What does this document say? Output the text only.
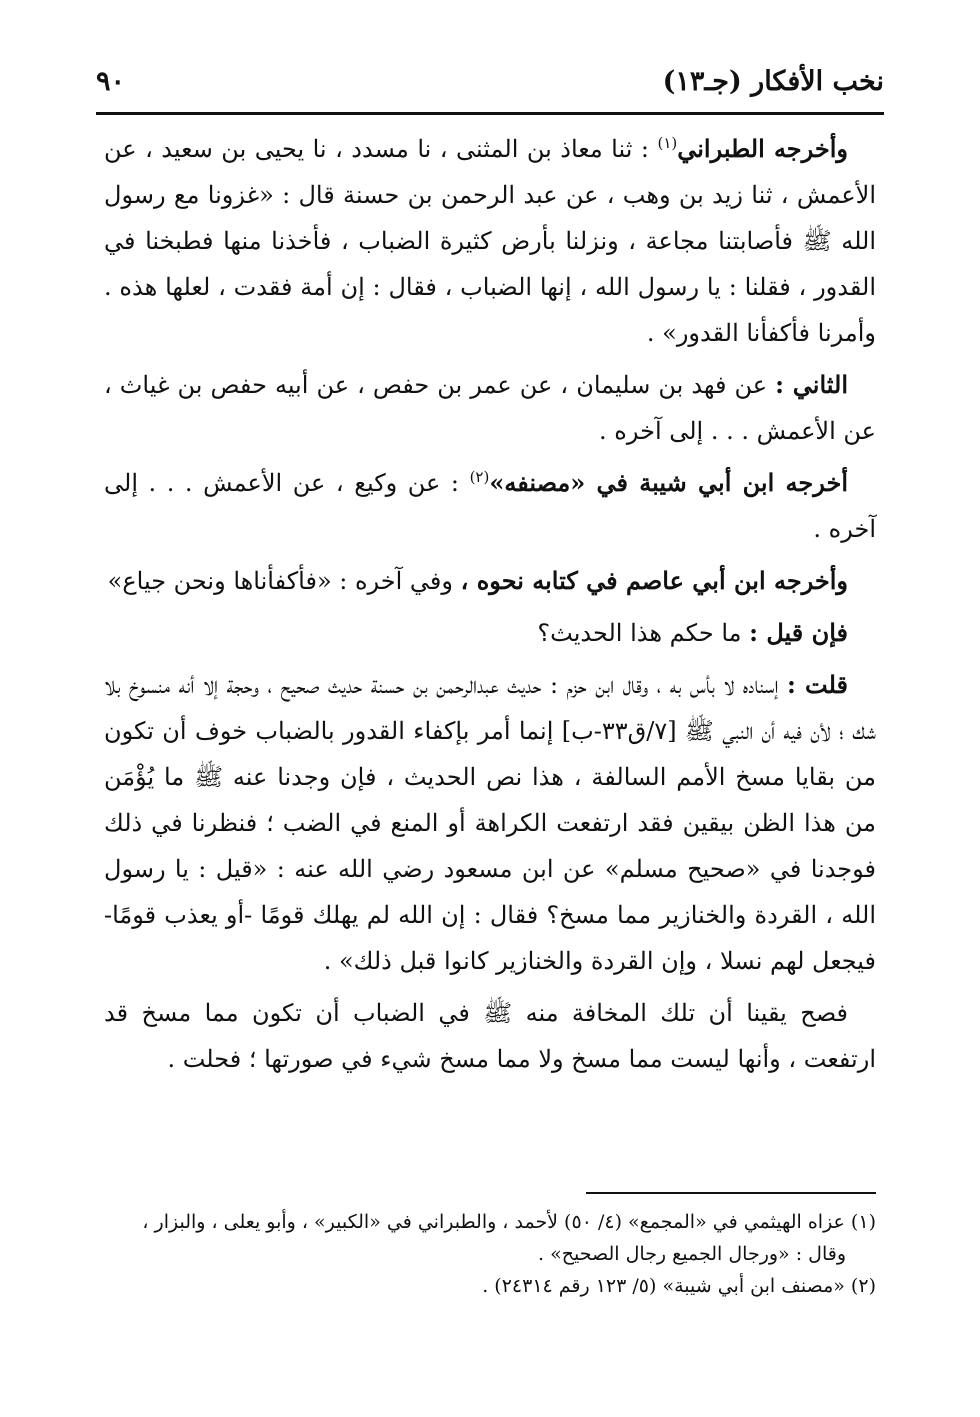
نخب الأفكار (جـ١٣)
٩٠

وأخرجه الطبراني$^{(١)}$ : ثنا معاذ بن المثنى ، نا مسدد ، نا يحيى بن سعيد ، عن الأعمش ، ثنا زيد بن وهب ، عن عبد الرحمن بن حسنة قال : «غزونا مع رسول الله ﷺ فأصابتنا مجاعة ، ونزلنا بأرض كثيرة الضباب ، فأخذنا منها فطبخنا في القدور ، فقلنا : يا رسول الله ، إنها الضباب ، فقال : إن أمة فقدت ، لعلها هذه . وأمرنا فأكفأنا القدور» .

الثاني : عن فهد بن سليمان ، عن عمر بن حفص ، عن أبيه حفص بن غياث ، عن الأعمش . . . إلى آخره .

أخرجه ابن أبي شيبة في «مصنفه»$^{(٢)}$ : عن وكيع ، عن الأعمش . . . إلى آخره .

وأخرجه ابن أبي عاصم في كتابه نحوه ، وفي آخره : «فأكفأناها ونحن جياع»

فإن قيل : ما حكم هذا الحديث؟

قلت : إسناده لا بأس به ، وقال ابن حزم : حديث عبدالرحمن بن حسنة حديث صحيح ، وحجة إلا أنه منسوخ بلا شك ؛ لأن فيه أن النبي ﷺ [٧/ق٣٣-ب] إنما أمر بإكفاء القدور بالضباب خوف أن تكون من بقايا مسخ الأمم السالفة ، هذا نص الحديث ، فإن وجدنا عنه ﷺ ما يُؤْمَن من هذا الظن بيقين فقد ارتفعت الكراهة أو المنع في الضب ؛ فنظرنا في ذلك فوجدنا في «صحيح مسلم» عن ابن مسعود رضي الله عنه : «قيل : يا رسول الله ، القردة والخنازير مما مسخ؟ فقال : إن الله لم يهلك قومًا -أو يعذب قومًا- فيجعل لهم نسلا ، وإن القردة والخنازير كانوا قبل ذلك» .

فصح يقينا أن تلك المخافة منه ﷺ في الضباب أن تكون مما مسخ قد ارتفعت ، وأنها ليست مما مسخ ولا مما مسخ شيء في صورتها ؛ فحلت .

(١) عزاه الهيثمي في «المجمع» (٤/ ٥٠) لأحمد ، والطبراني في «الكبير» ، وأبو يعلى ، والبزار ،

وقال : «ورجال الجميع رجال الصحيح» .

(٢) «مصنف ابن أبي شيبة» (٥/ ١٢٣ رقم ٢٤٣١٤) .
